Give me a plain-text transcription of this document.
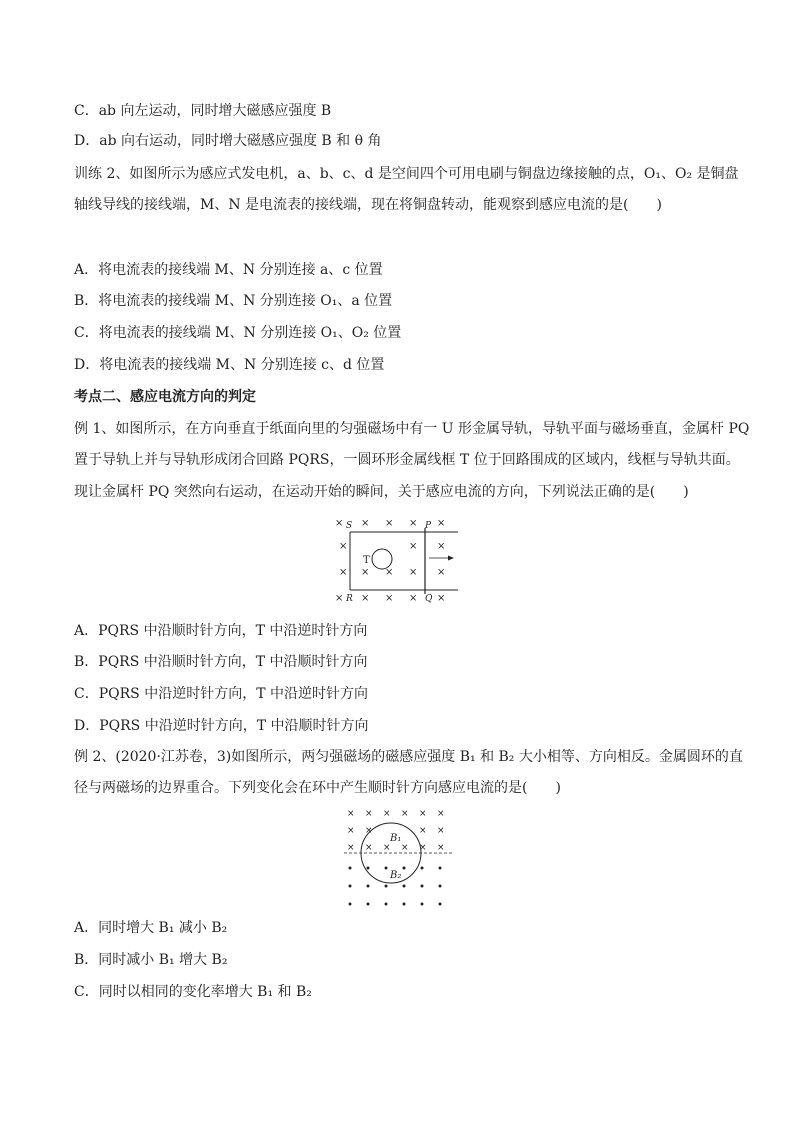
C．ab 向左运动，同时增大磁感应强度 B
D．ab 向右运动，同时增大磁感应强度 B 和 θ 角
训练 2、如图所示为感应式发电机，a、b、c、d 是空间四个可用电刷与铜盘边缘接触的点，O₁、O₂ 是铜盘
轴线导线的接线端，M、N 是电流表的接线端，现在将铜盘转动，能观察到感应电流的是(　　)
A．将电流表的接线端 M、N 分别连接 a、c 位置
B．将电流表的接线端 M、N 分别连接 O₁、a 位置
C．将电流表的接线端 M、N 分别连接 O₁、O₂ 位置
D．将电流表的接线端 M、N 分别连接 c、d 位置
考点二、感应电流方向的判定
例 1、如图所示，在方向垂直于纸面向里的匀强磁场中有一 U 形金属导轨，导轨平面与磁场垂直，金属杆 PQ
置于导轨上并与导轨形成闭合回路 PQRS，一圆环形金属线框 T 位于回路围成的区域内，线框与导轨共面。
现让金属杆 PQ 突然向右运动，在运动开始的瞬间，关于感应电流的方向，下列说法正确的是(　　)
T
S	P
R	Q
× × × × ×
×	× ×
× × × × ×
× × × × ×
A．PQRS 中沿顺时针方向，T 中沿逆时针方向
B．PQRS 中沿顺时针方向，T 中沿顺时针方向
C．PQRS 中沿逆时针方向，T 中沿逆时针方向
D．PQRS 中沿逆时针方向，T 中沿顺时针方向
例 2、(2020·江苏卷，3)如图所示，两匀强磁场的磁感应强度 B₁ 和 B₂ 大小相等、方向相反。金属圆环的直
径与两磁场的边界重合。下列变化会在环中产生顺时针方向感应电流的是(　　)
B₁
B₂
× × × × × ×
× ×	× ×
× × × × × ×
A．同时增大 B₁ 减小 B₂
B．同时减小 B₁ 增大 B₂
C．同时以相同的变化率增大 B₁ 和 B₂
